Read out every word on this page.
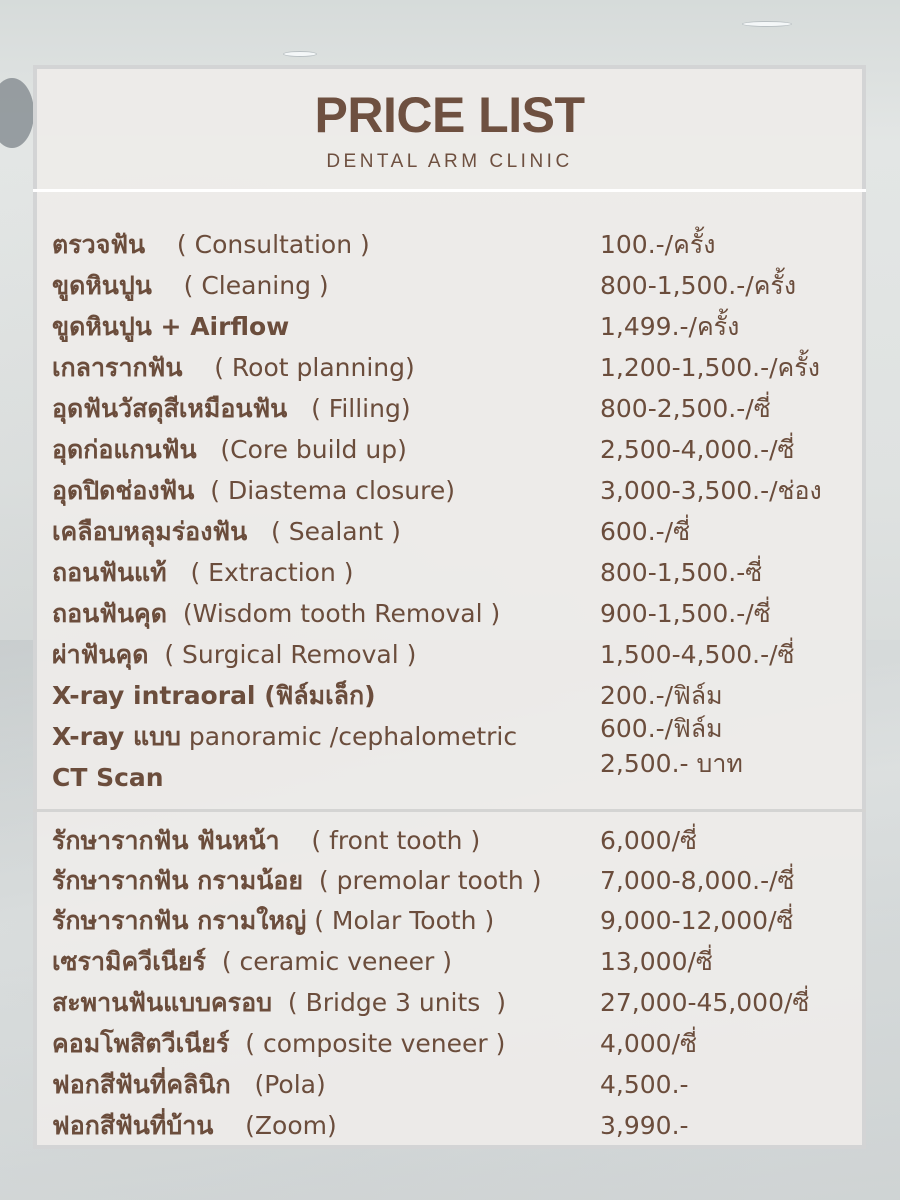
PRICE LIST
DENTAL ARM CLINIC
ตรวจฟัน    ( Consultation )	100.-/ครั้ง
ขูดหินปูน    ( Cleaning )	800-1,500.-/ครั้ง
ขูดหินปูน + Airflow	1,499.-/ครั้ง
เกลารากฟัน    ( Root planning)	1,200-1,500.-/ครั้ง
อุดฟันวัสดุสีเหมือนฟัน   ( Filling)	800-2,500.-/ซี่
อุดก่อแกนฟัน   (Core build up)	2,500-4,000.-/ซี่
อุดปิดช่องฟัน  ( Diastema closure)	3,000-3,500.-/ช่อง
เคลือบหลุมร่องฟัน   ( Sealant )	600.-/ซี่
ถอนฟันแท้   ( Extraction )	800-1,500.-ซี่
ถอนฟันคุด  (Wisdom tooth Removal )	900-1,500.-/ซี่
ผ่าฟันคุด  ( Surgical Removal )	1,500-4,500.-/ซี่
X-ray intraoral (ฟิล์มเล็ก)	200.-/ฟิล์ม
X-ray แบบ panoramic /cephalometric	600.-/ฟิล์ม
CT Scan	2,500.- บาท
รักษารากฟัน ฟันหน้า    ( front tooth )	6,000/ซี่
รักษารากฟัน กรามน้อย  ( premolar tooth ) 7,000-8,000.-/ซี่
รักษารากฟัน กรามใหญ่ ( Molar Tooth )	9,000-12,000/ซี่
เซรามิควีเนียร์  ( ceramic veneer )	13,000/ซี่
สะพานฟันแบบครอบ  ( Bridge 3 units  )	27,000-45,000/ซี่
คอมโพสิตวีเนียร์  ( composite veneer )	4,000/ซี่
ฟอกสีฟันที่คลินิก   (Pola)	4,500.-
ฟอกสีฟันที่บ้าน    (Zoom)	3,990.-
